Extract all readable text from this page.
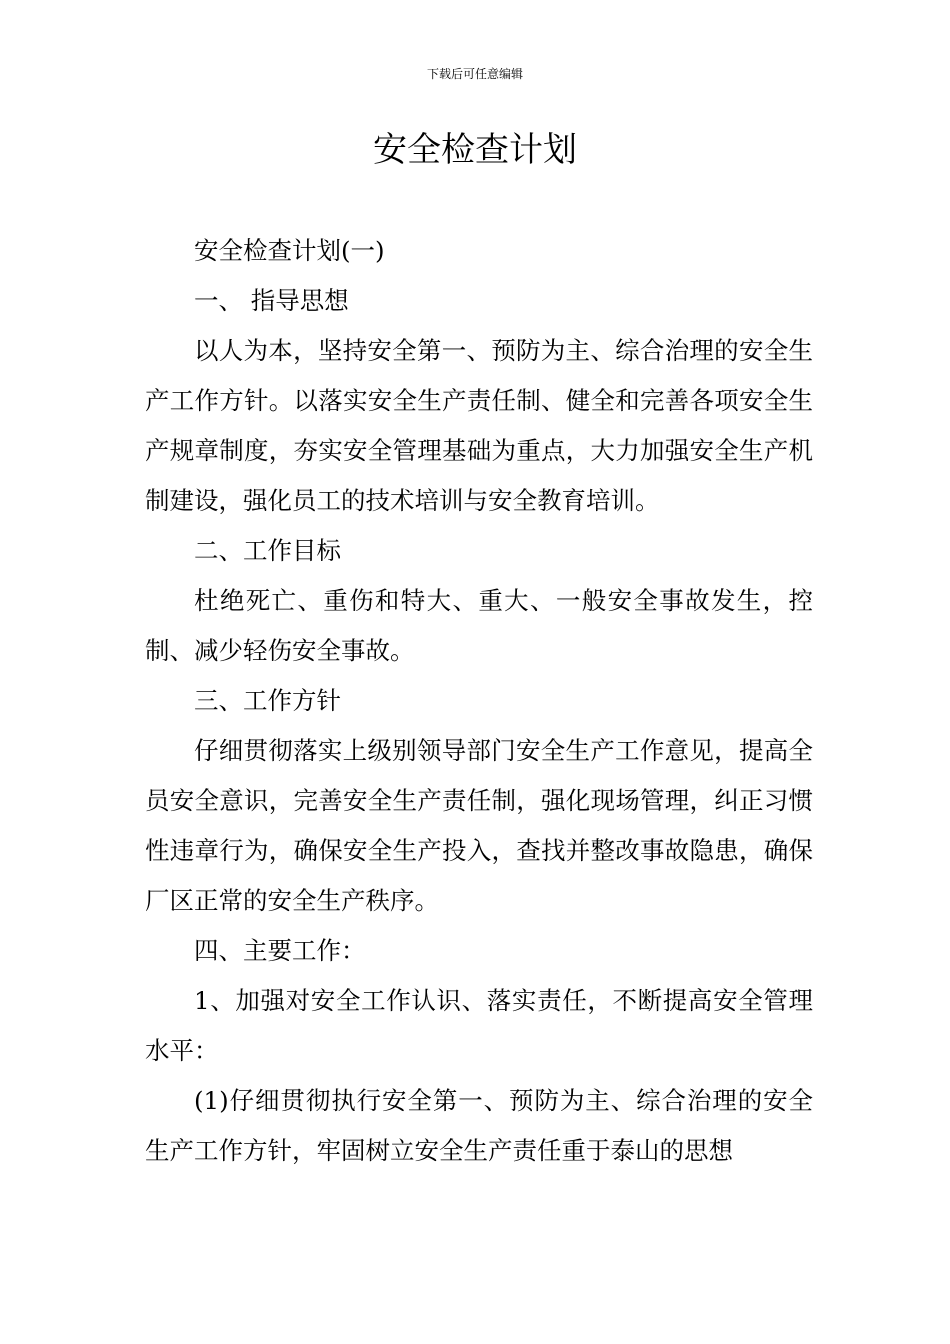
下载后可任意编辑
安全检查计划

安全检查计划(一)

一、 指导思想

以人为本，坚持安全第一、预防为主、综合治理的安全生产工作方针。以落实安全生产责任制、健全和完善各项安全生产规章制度，夯实安全管理基础为重点，大力加强安全生产机制建设，强化员工的技术培训与安全教育培训。

二、工作目标

杜绝死亡、重伤和特大、重大、一般安全事故发生，控制、减少轻伤安全事故。

三、工作方针

仔细贯彻落实上级别领导部门安全生产工作意见，提高全员安全意识，完善安全生产责任制，强化现场管理，纠正习惯性违章行为，确保安全生产投入，查找并整改事故隐患，确保厂区正常的安全生产秩序。

四、主要工作：

1、加强对安全工作认识、落实责任，不断提高安全管理水平：

(1)仔细贯彻执行安全第一、预防为主、综合治理的安全生产工作方针，牢固树立安全生产责任重于泰山的思想
